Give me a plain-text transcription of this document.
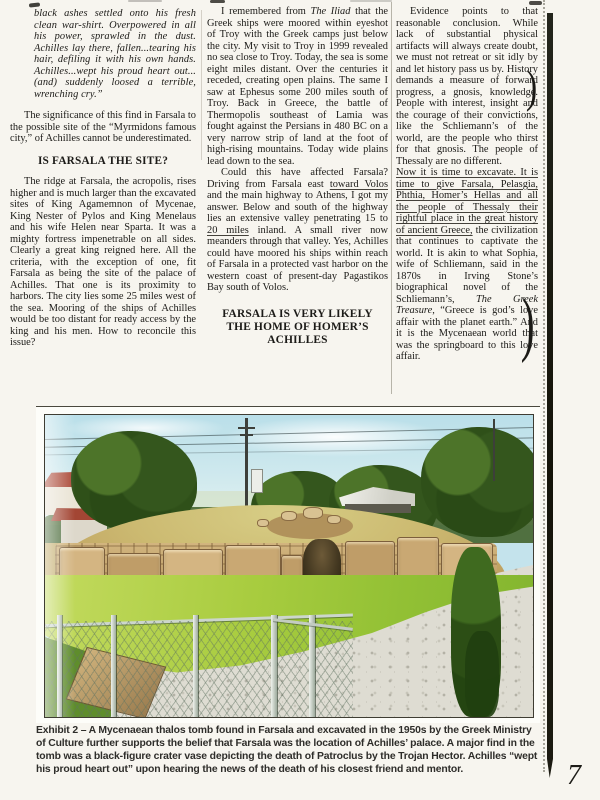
black ashes settled onto his fresh clean war-shirt. Overpowered in all his power, sprawled in the dust. Achilles lay there, fallen...tearing his hair, defiling it with his own hands. Achilles...wept his proud heart out...(and) suddenly loosed a terrible, wrenching cry.”

The significance of this find in Farsala to the possible site of the “Myrmidons famous city,” of Achilles cannot be underestimated.

IS FARSALA THE SITE?

The ridge at Farsala, the acropolis, rises higher and is much larger than the excavated sites of King Agamemnon of Mycenae, King Nester of Pylos and King Menelaus and his wife Helen near Sparta. It was a mighty fortress impenetrable on all sides. Clearly a great king reigned here. All the criteria, with the exception of one, fit Farsala as being the site of the palace of Achilles. That one is its proximity to harbors. The city lies some 25 miles west of the sea. Mooring of the ships of Achilles would be too distant for ready access by the king and his men. How to reconcile this issue?

I remembered from The Iliad that the Greek ships were moored within eyeshot of Troy with the Greek camps just below the city. My visit to Troy in 1999 revealed no sea close to Troy. Today, the sea is some eight miles distant. Over the centuries it receded, creating open plains. The same I saw at Ephesus some 200 miles south of Troy. Back in Greece, the battle of Thermopolis southeast of Lamia was fought against the Persians in 480 BC on a very narrow strip of land at the foot of high-rising mountains. Today wide plains lead down to the sea.

Could this have affected Farsala? Driving from Farsala east toward Volos and the main highway to Athens, I got my answer. Below and south of the highway lies an extensive valley penetrating 15 to 20 miles inland. A small river now meanders through that valley. Yes, Achilles could have moored his ships within reach of Farsala in a protected vast harbor on the western coast of present-day Pagastikos Bay south of Volos.

FARSALA IS VERY LIKELY
THE HOME OF HOMER’S
ACHILLES

Evidence points to that reasonable conclusion. While lack of substantial physical artifacts will always create doubt, we must not retreat or sit idly by and let history pass us by. History demands a measure of forward progress, a gnosis, knowledge. People with interest, insight and the courage of their convictions, like the Schliemann’s of the world, are the people who thirst for that gnosis. The people of Thessaly are no different.

Now it is time to excavate. It is time to give Farsala, Pelasgia, Phthia, Homer’s Hellas and all the people of Thessaly their rightful place in the great history of ancient Greece, the civilization that continues to captivate the world. It is akin to what Sophia, wife of Schliemann, said in the 1870s in Irving Stone’s biographical novel of the Schliemann’s, The Greek Treasure, “Greece is god’s love affair with the planet earth.” And it is the Mycenaean world that was the springboard to this love affair.

)
)

Exhibit 2 – A Mycenaean thalos tomb found in Farsala and excavated in the 1950s by the Greek Ministry of Culture further supports the belief that Farsala was the location of Achilles’ palace. A major find in the tomb was a black-figure crater vase depicting the death of Patroclus by the Trojan Hector. Achilles “wept his proud heart out” upon hearing the news of the death of his closest friend and mentor.	7
